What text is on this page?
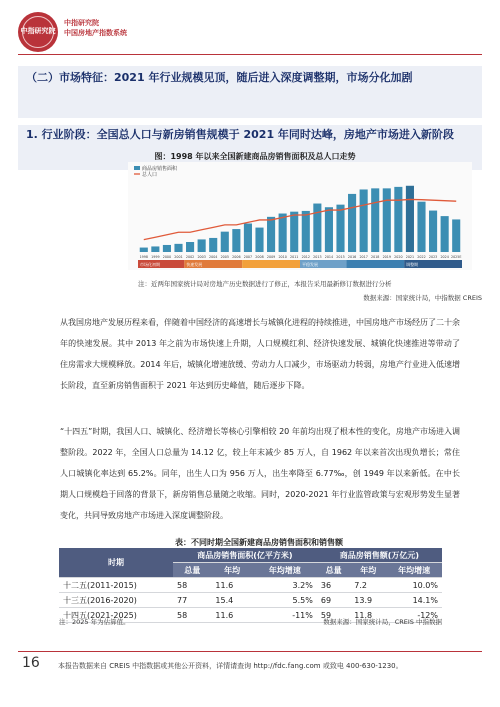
中指研究院
中指研究院
中国房地产指数系统
（二）市场特征：2021 年行业规模见顶，随后进入深度调整期，市场分化加剧
1. 行业阶段：全国总人口与新房销售规模于 2021 年同时达峰，房地产市场进入新阶段
图：1998 年以来全国新建商品房销售面积及总人口走势
1998 1999 2000 2001 2002 2003 2004 2005 2006 2007 2008 2009 2010 2011 2012 2013 2014 2015 2016 2017 2018 2019 2020 2021 2022 2023 2024 2025E
市场化初期	快速发展	平稳发展	调整期
商品房销售面积
总人口
注：近两年国家统计局对房地产历史数据进行了修正，本报告采用最新修订数据进行分析
数据来源：国家统计局，中指数据 CREIS
从我国房地产发展历程来看，伴随着中国经济的高速增长与城镇化进程的持续推进，中国房地产市场经历了二十余年的快速发展。其中 2013 年之前为市场快速上升期，人口规模红利、经济快速发展、城镇化快速推进等带动了住房需求大规模释放。2014 年后，城镇化增速放缓、劳动力人口减少，市场驱动力转弱，房地产行业进入低速增长阶段，直至新房销售面积于 2021 年达到历史峰值，随后逐步下降。
“十四五”时期，我国人口、城镇化、经济增长等核心引擎相较 20 年前均出现了根本性的变化，房地产市场进入调整阶段。2022 年，全国人口总量为 14.12 亿，较上年末减少 85 万人，自 1962 年以来首次出现负增长；常住人口城镇化率达到 65.2%。同年，出生人口为 956 万人，出生率降至 6.77‰，创 1949 年以来新低。在中长期人口规模趋于回落的背景下，新房销售总量随之收缩。同时，2020-2021 年行业监管政策与宏观形势发生显著变化，共同导致房地产市场进入深度调整阶段。
表：不同时期全国新建商品房销售面积和销售额
时期	商品房销售面积(亿平方米)			商品房销售额(万亿元)		
	总量	年均	年均增速	总量	年均	年均增速
十二五(2011-2015)	58	11.6	3.2%	36	7.2	10.0%
十三五(2016-2020)	77	15.4	5.5%	69	13.9	14.1%
十四五(2021-2025)	58	11.6	-11%	59	11.8	-12%
注：2025 年为估算值。	数据来源：国家统计局，CREIS 中指数据
16	本报告数据来自 CREIS 中指数据或其他公开资料，详情请查询 http://fdc.fang.com 或致电 400-630-1230。
